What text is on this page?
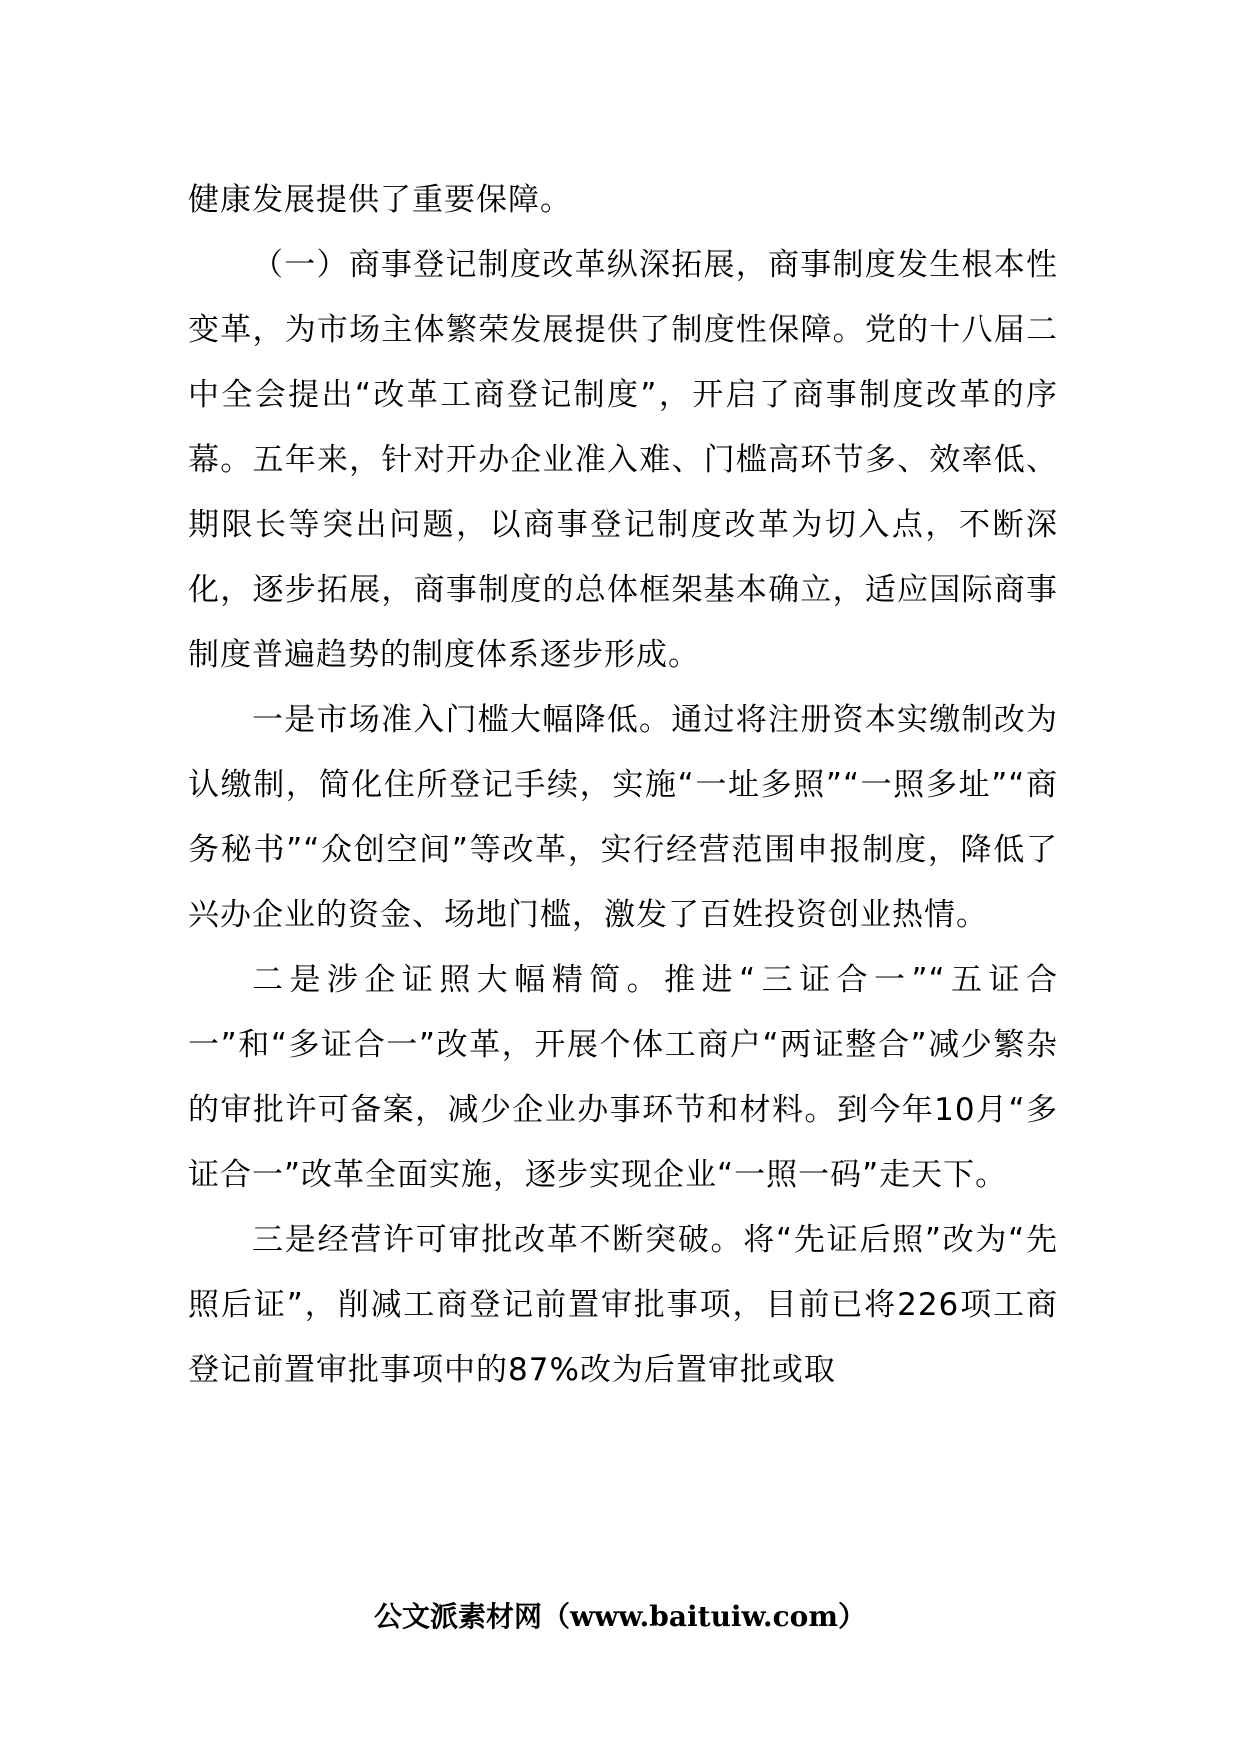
健康发展提供了重要保障。

（一）商事登记制度改革纵深拓展，商事制度发生根本性变革，为市场主体繁荣发展提供了制度性保障。党的十八届二中全会提出“改革工商登记制度”，开启了商事制度改革的序幕。五年来，针对开办企业准入难、门槛高环节多、效率低、期限长等突出问题，以商事登记制度改革为切入点，不断深化，逐步拓展，商事制度的总体框架基本确立，适应国际商事制度普遍趋势的制度体系逐步形成。

一是市场准入门槛大幅降低。通过将注册资本实缴制改为认缴制，简化住所登记手续，实施“一址多照”“一照多址”“商务秘书”“众创空间”等改革，实行经营范围申报制度，降低了兴办企业的资金、场地门槛，激发了百姓投资创业热情。

二是涉企证照大幅精简。推进“三证合一”“五证合一”和“多证合一”改革，开展个体工商户“两证整合”减少繁杂的审批许可备案，减少企业办事环节和材料。到今年10月“多证合一”改革全面实施，逐步实现企业“一照一码”走天下。

三是经营许可审批改革不断突破。将“先证后照”改为“先照后证”，削减工商登记前置审批事项，目前已将226项工商登记前置审批事项中的87%改为后置审批或取

公文派素材网（www.baituiw.com）
